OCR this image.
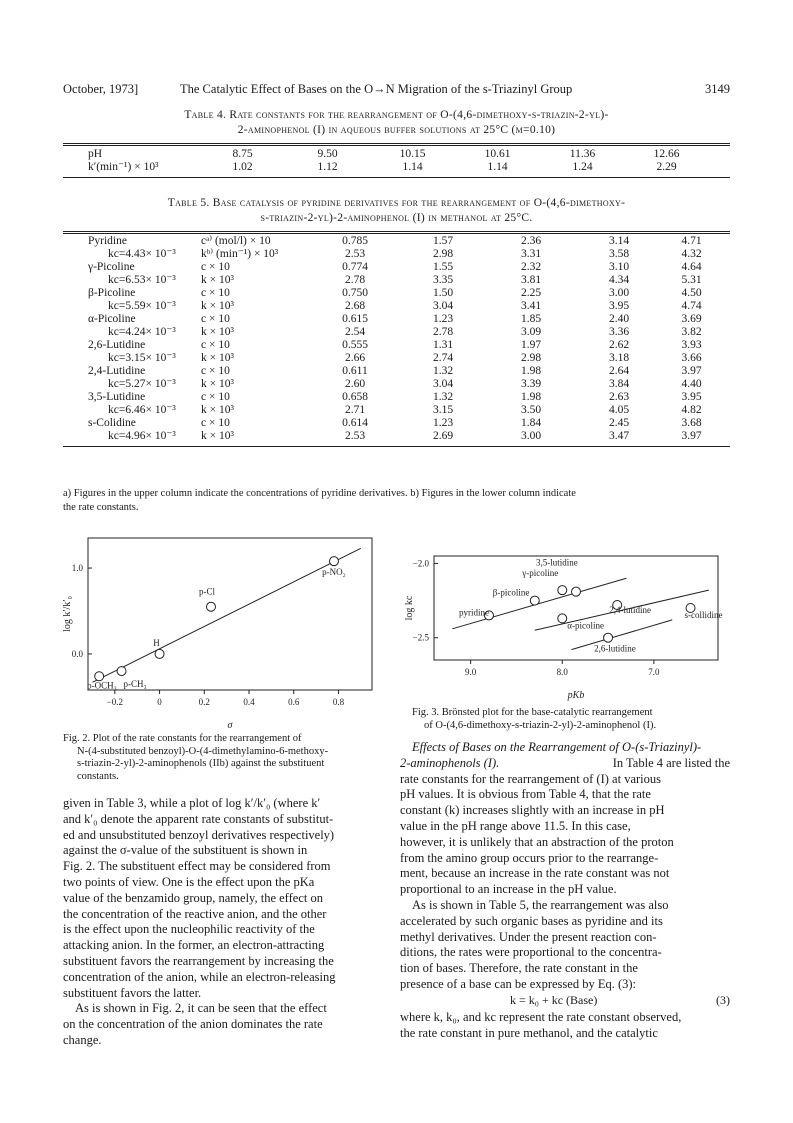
October, 1973]	The Catalytic Effect of Bases on the O→N Migration of the s-Triazinyl Group	3149
Table 4. Rate constants for the rearrangement of O-(4,6-dimethoxy-s-triazin-2-yl)-
2-aminophenol (I) in aqueous buffer solutions at 25°C (μ=0.10)
pH	8.75	9.50	10.15	10.61	11.36	12.66
k′(min⁻¹) × 10³	1.02	1.12	1.14	1.14	1.24	2.29
Table 5. Base catalysis of pyridine derivatives for the rearrangement of O-(4,6-dimethoxy-
s-triazin-2-yl)-2-aminophenol (I) in methanol at 25°C.
Pyridine	cᵃ⁾ (mol/l) × 10	0.785	1.57	2.36	3.14	4.71
kc=4.43× 10⁻³	kᵇ⁾ (min⁻¹) × 10³	2.53	2.98	3.31	3.58	4.32
γ-Picoline	c × 10	0.774	1.55	2.32	3.10	4.64
kc=6.53× 10⁻³	k × 10³	2.78	3.35	3.81	4.34	5.31
β-Picoline	c × 10	0.750	1.50	2.25	3.00	4.50
kc=5.59× 10⁻³	k × 10³	2.68	3.04	3.41	3.95	4.74
α-Picoline	c × 10	0.615	1.23	1.85	2.40	3.69
kc=4.24× 10⁻³	k × 10³	2.54	2.78	3.09	3.36	3.82
2,6-Lutidine	c × 10	0.555	1.31	1.97	2.62	3.93
kc=3.15× 10⁻³	k × 10³	2.66	2.74	2.98	3.18	3.66
2,4-Lutidine	c × 10	0.611	1.32	1.98	2.64	3.97
kc=5.27× 10⁻³	k × 10³	2.60	3.04	3.39	3.84	4.40
3,5-Lutidine	c × 10	0.658	1.32	1.98	2.63	3.95
kc=6.46× 10⁻³	k × 10³	2.71	3.15	3.50	4.05	4.82
s-Colidine	c × 10	0.614	1.23	1.84	2.45	3.68
kc=4.96× 10⁻³	k × 10³	2.53	2.69	3.00	3.47	3.97
a) Figures in the upper column indicate the concentrations of pyridine derivatives. b) Figures in the lower column indicate
the rate constants.
−0.2	0	0.2	0.4	0.6	0.8
1.0
0.0
p-NO₂
p-Cl
H
p-CH₃
p-OCH₃
σ
log k′/k′₀
Fig. 2. Plot of the rate constants for the rearrangement of
N-(4-substituted benzoyl)-O-(4-dimethylamino-6-methoxy-
s-triazin-2-yl)-2-aminophenols (IIb) against the substituent
constants.
9.0	8.0	7.0
−2.0
−2.5
pyridine
γ-picoline
β-picoline
3,5-lutidine
α-picoline
2,4-lutidine	s-collidine
2,6-lutidine
pKb
log kc
Fig. 3. Brönsted plot for the base-catalytic rearrangement
of O-(4,6-dimethoxy-s-triazin-2-yl)-2-aminophenol (I).
given in Table 3, while a plot of log k′/k′₀ (where k′
and k′₀ denote the apparent rate constants of substitut-
ed and unsubstituted benzoyl derivatives respectively)
against the σ-value of the substituent is shown in
Fig. 2. The substituent effect may be considered from
two points of view. One is the effect upon the pKa
value of the benzamido group, namely, the effect on
the concentration of the reactive anion, and the other
is the effect upon the nucleophilic reactivity of the
attacking anion. In the former, an electron-attracting
substituent favors the rearrangement by increasing the
concentration of the anion, while an electron-releasing
substituent favors the latter.
As is shown in Fig. 2, it can be seen that the effect
on the concentration of the anion dominates the rate
change.
Effects of Bases on the Rearrangement of O-(s-Triazinyl)-
2-aminophenols (I).	In Table 4 are listed the
rate constants for the rearrangement of (I) at various
pH values. It is obvious from Table 4, that the rate
constant (k) increases slightly with an increase in pH
value in the pH range above 11.5. In this case,
however, it is unlikely that an abstraction of the proton
from the amino group occurs prior to the rearrange-
ment, because an increase in the rate constant was not
proportional to an increase in the pH value.
As is shown in Table 5, the rearrangement was also
accelerated by such organic bases as pyridine and its
methyl derivatives. Under the present reaction con-
ditions, the rates were proportional to the concentra-
tion of bases. Therefore, the rate constant in the
presence of a base can be expressed by Eq. (3):
k = k₀ + kc (Base)	(3)
where k, k₀, and kc represent the rate constant observed,
the rate constant in pure methanol, and the catalytic
